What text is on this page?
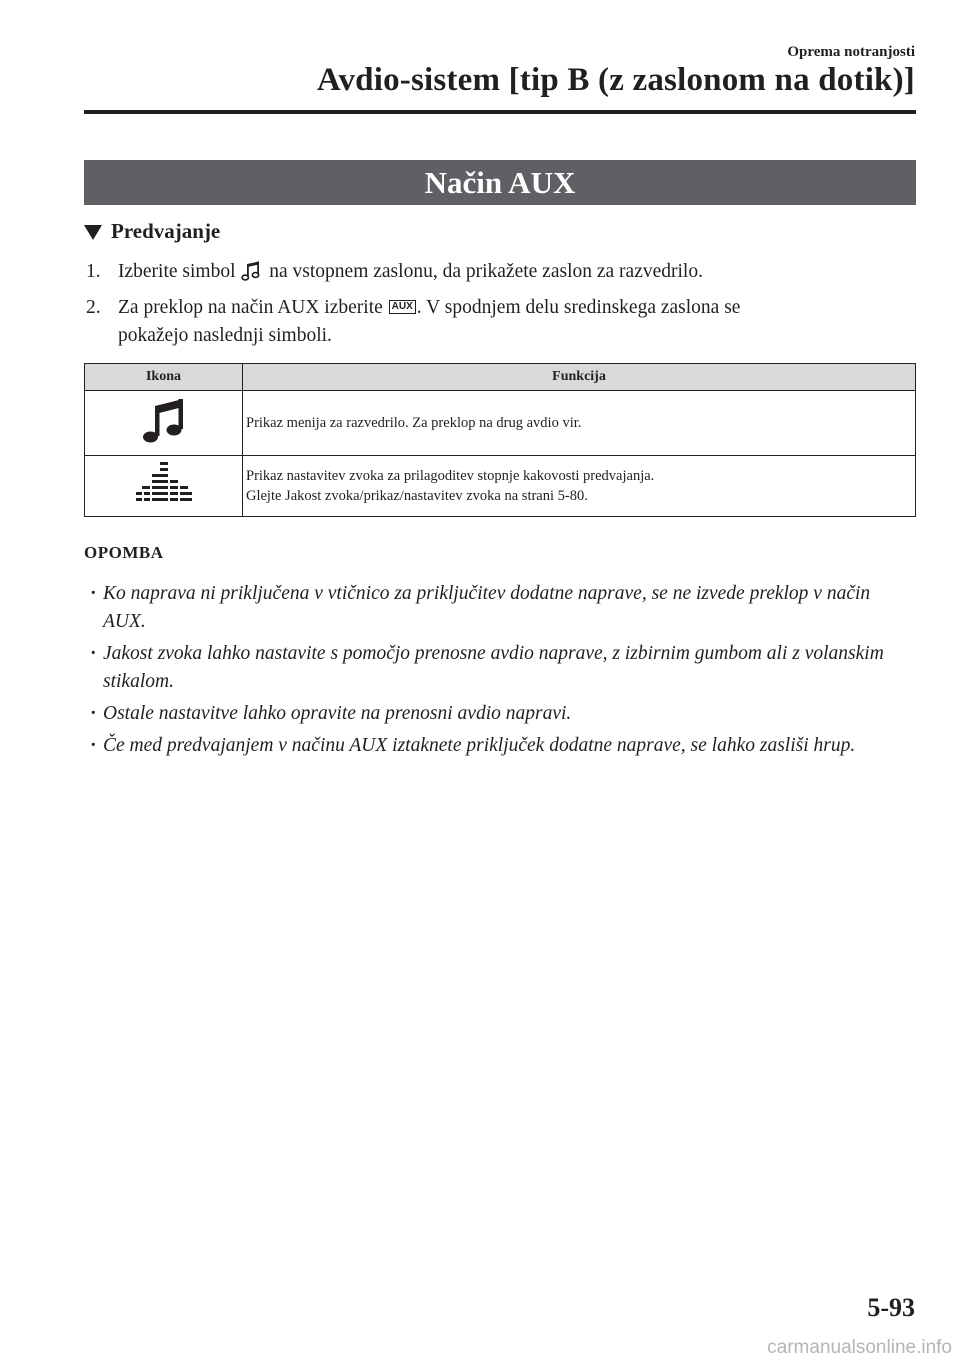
Oprema notranjosti
Avdio-sistem [tip B (z zaslonom na dotik)]
Način AUX
Predvajanje
1. Izberite simbol  na vstopnem zaslonu, da prikažete zaslon za razvedrilo.
2. Za preklop na način AUX izberite AUX . V spodnjem delu sredinskega zaslona se
pokažejo naslednji simboli.
Ikona	Funkcija

Prikaz menija za razvedrilo. Za preklop na drug avdio vir.

Prikaz nastavitev zvoka za prilagoditev stopnje kakovosti predvajanja.
Glejte Jakost zvoka/prikaz/nastavitev zvoka na strani 5-80.
OPOMBA
· Ko naprava ni priključena v vtičnico za priključitev dodatne naprave, se ne izvede preklop v način AUX.
· Jakost zvoka lahko nastavite s pomočjo prenosne avdio naprave, z izbirnim gumbom ali z volanskim stikalom.
· Ostale nastavitve lahko opravite na prenosni avdio napravi.
· Če med predvajanjem v načinu AUX iztaknete priključek dodatne naprave, se lahko zasliši hrup.
5-93
carmanualsonline.info
